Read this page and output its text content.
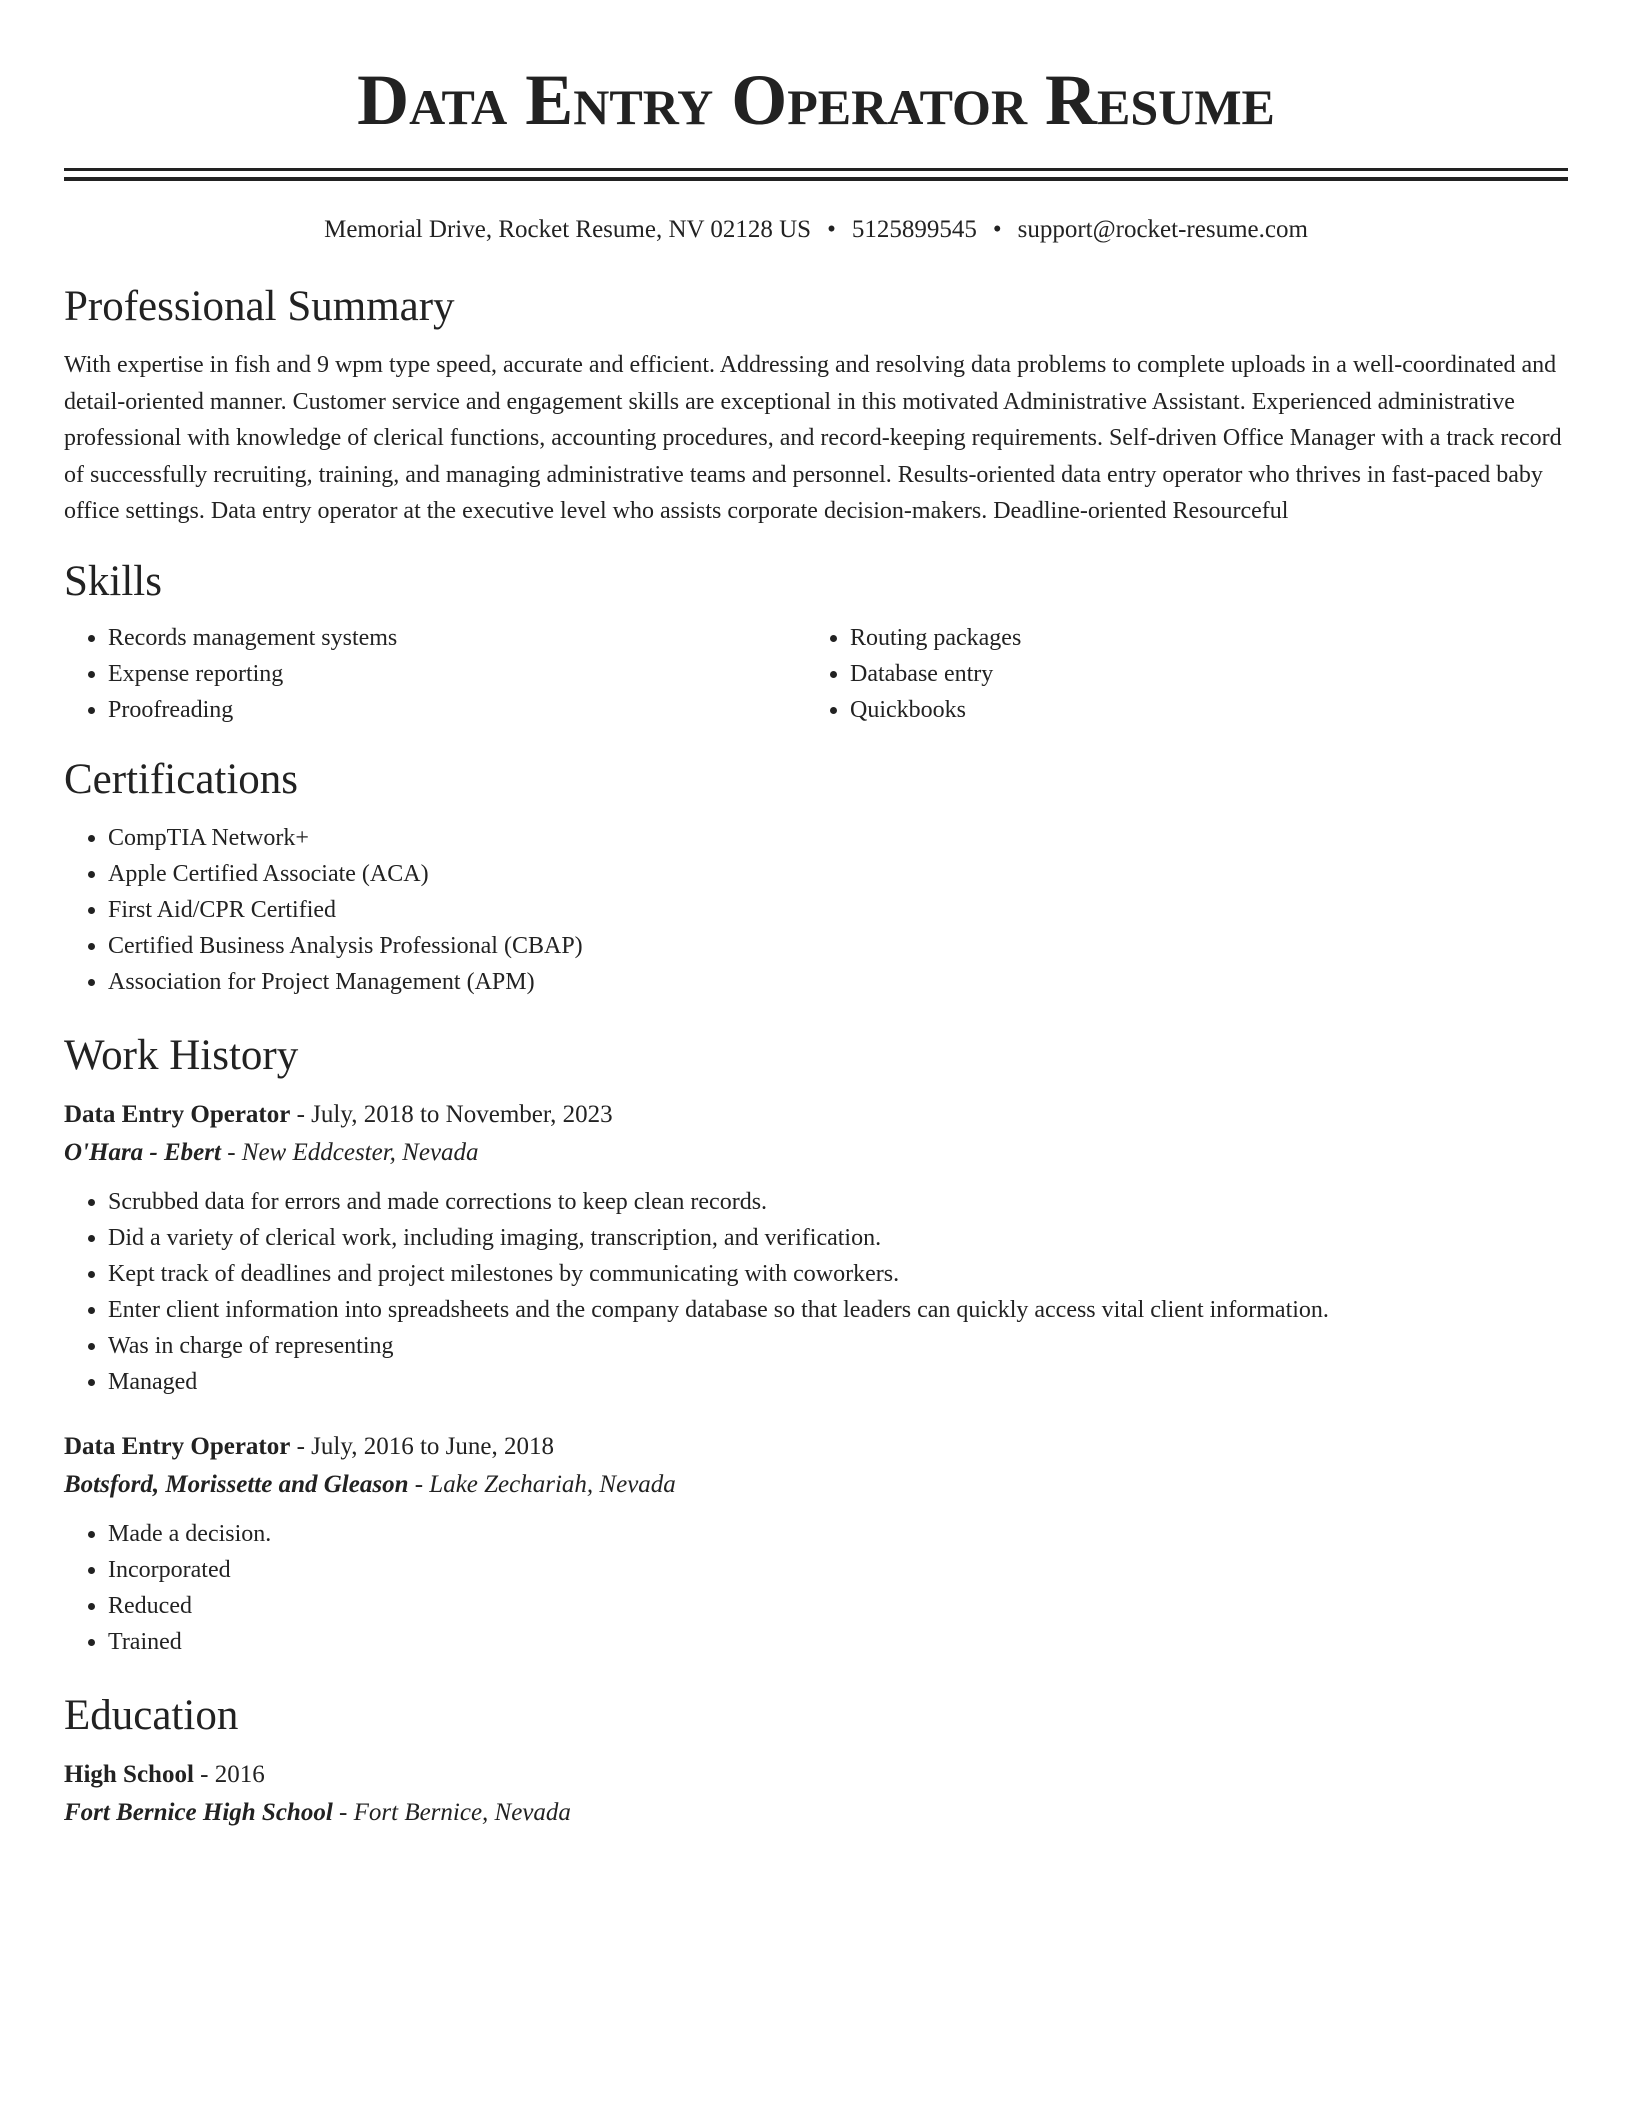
Data Entry Operator Resume
Memorial Drive, Rocket Resume, NV 02128 US • 5125899545 • support@rocket-resume.com
Professional Summary

With expertise in fish and 9 wpm type speed, accurate and efficient. Addressing and resolving data problems to complete uploads in a well-coordinated and detail-oriented manner. Customer service and engagement skills are exceptional in this motivated Administrative Assistant. Experienced administrative professional with knowledge of clerical functions, accounting procedures, and record-keeping requirements. Self-driven Office Manager with a track record of successfully recruiting, training, and managing administrative teams and personnel. Results-oriented data entry operator who thrives in fast-paced baby office settings. Data entry operator at the executive level who assists corporate decision-makers. Deadline-oriented Resourceful

Skills
• Records management systems
• Expense reporting
• Proofreading
• Routing packages
• Database entry
• Quickbooks
Certifications
• CompTIA Network+
• Apple Certified Associate (ACA)
• First Aid/CPR Certified
• Certified Business Analysis Professional (CBAP)
• Association for Project Management (APM)
Work History
Data Entry Operator - July, 2018 to November, 2023
O'Hara - Ebert - New Eddcester, Nevada
• Scrubbed data for errors and made corrections to keep clean records.
• Did a variety of clerical work, including imaging, transcription, and verification.
• Kept track of deadlines and project milestones by communicating with coworkers.
• Enter client information into spreadsheets and the company database so that leaders can quickly access vital client information.
• Was in charge of representing
• Managed
Data Entry Operator - July, 2016 to June, 2018
Botsford, Morissette and Gleason - Lake Zechariah, Nevada
• Made a decision.
• Incorporated
• Reduced
• Trained
Education
High School - 2016
Fort Bernice High School - Fort Bernice, Nevada
